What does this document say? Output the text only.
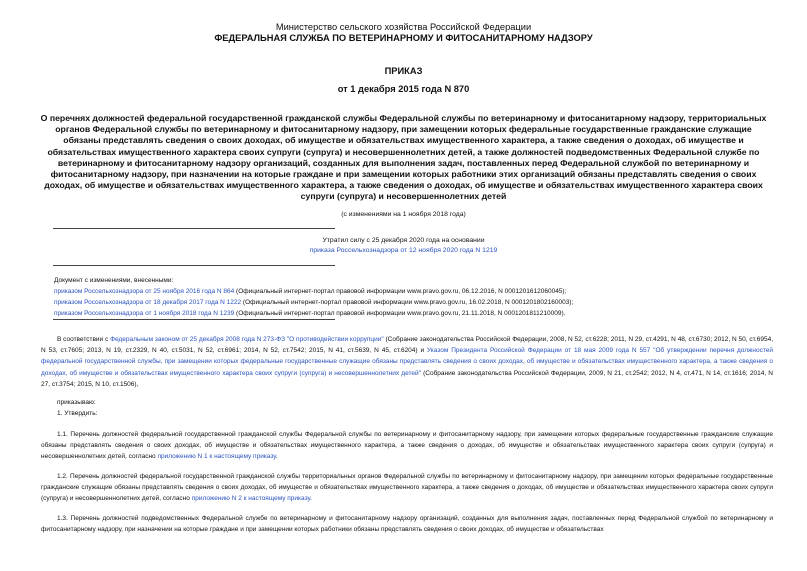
Министерство сельского хозяйства Российской Федерации
ФЕДЕРАЛЬНАЯ СЛУЖБА ПО ВЕТЕРИНАРНОМУ И ФИТОСАНИТАРНОМУ НАДЗОРУ
ПРИКАЗ
от 1 декабря 2015 года N 870
О перечнях должностей федеральной государственной гражданской службы Федеральной службы по ветеринарному и фитосанитарному надзору, территориальных органов Федеральной службы по ветеринарному и фитосанитарному надзору, при замещении которых федеральные государственные гражданские служащие обязаны представлять сведения о своих доходах, об имуществе и обязательствах имущественного характера, а также сведения о доходах, об имуществе и обязательствах имущественного характера своих супруги (супруга) и несовершеннолетних детей, а также должностей подведомственных Федеральной службе по ветеринарному и фитосанитарному надзору организаций, созданных для выполнения задач, поставленных перед Федеральной службой по ветеринарному и фитосанитарному надзору, при назначении на которые граждане и при замещении которых работники этих организаций обязаны представлять сведения о своих доходах, об имуществе и обязательствах имущественного характера, а также сведения о доходах, об имуществе и обязательствах имущественного характера своих супруги (супруга) и несовершеннолетних детей
(с изменениями на 1 ноября 2018 года)
Утратил силу с 25 декабря 2020 года на основании
приказа Россельхознадзора от 12 ноября 2020 года N 1219
Документ с изменениями, внесенными:
приказом Россельхознадзора от 25 ноября 2016 года N 864 (Официальный интернет-портал правовой информации www.pravo.gov.ru, 06.12.2016, N 0001201612060045);
приказом Россельхознадзора от 18 декабря 2017 года N 1222 (Официальный интернет-портал правовой информации www.pravo.gov.ru, 16.02.2018, N 0001201802160003);
приказом Россельхознадзора от 1 ноября 2018 года N 1239 (Официальный интернет-портал правовой информации www.pravo.gov.ru, 21.11.2018, N 0001201811210009).
В соответствии с Федеральным законом от 25 декабря 2008 года N 273-ФЗ "О противодействии коррупции" (Собрание законодательства Российской Федерации, 2008, N 52, ст.6228; 2011, N 29, ст.4291, N 48, ст.6730; 2012, N 50, ст.6954, N 53, ст.7605; 2013, N 19, ст.2329, N 40, ст.5031, N 52, ст.6961; 2014, N 52, ст.7542; 2015, N 41, ст.5639, N 45, ст.6204) и Указом Президента Российской Федерации от 18 мая 2009 года N 557 "Об утверждении перечня должностей федеральной государственной службы, при замещении которых федеральные государственные служащие обязаны представлять сведения о своих доходах, об имуществе и обязательствах имущественного характера, а также сведения о доходах, об имуществе и обязательствах имущественного характера своих супруги (супруга) и несовершеннолетних детей" (Собрание законодательства Российской Федерации, 2009, N 21, ст.2542; 2012, N 4, ст.471, N 14, ст.1616; 2014, N 27, ст.3754; 2015, N 10, ст.1506),
приказываю:
1. Утвердить:
1.1. Перечень должностей федеральной государственной гражданской службы Федеральной службы по ветеринарному и фитосанитарному надзору, при замещении которых федеральные государственные гражданские служащие обязаны представлять сведения о своих доходах, об имуществе и обязательствах имущественного характера, а также сведения о доходах, об имуществе и обязательствах имущественного характера своих супруги (супруга) и несовершеннолетних детей, согласно приложению N 1 к настоящему приказу.
1.2. Перечень должностей федеральной государственной гражданской службы территориальных органов Федеральной службы по ветеринарному и фитосанитарному надзору, при замещении которых федеральные государственные гражданские служащие обязаны представлять сведения о своих доходах, об имуществе и обязательствах имущественного характера, а также сведения о доходах, об имуществе и обязательствах имущественного характера своих супруги (супруга) и несовершеннолетних детей, согласно приложению N 2 к настоящему приказу.
1.3. Перечень должностей подведомственных Федеральной службе по ветеринарному и фитосанитарному надзору организаций, созданных для выполнения задач, поставленных перед Федеральной службой по ветеринарному и фитосанитарному надзору, при назначении на которые граждане и при замещении которых работники обязаны представлять сведения о своих доходах, об имуществе и обязательствах
